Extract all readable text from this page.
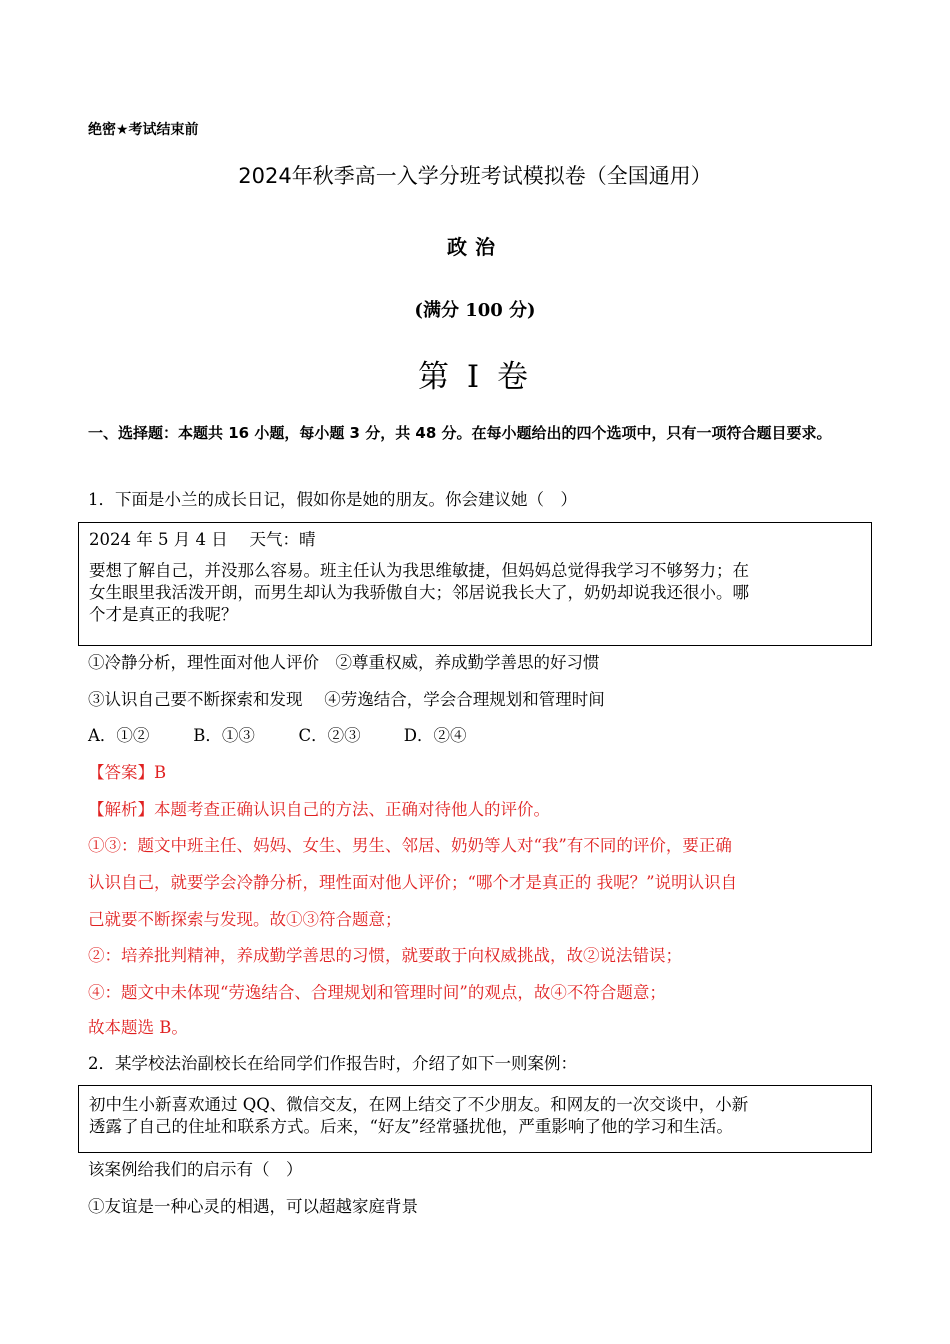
绝密★考试结束前
2024年秋季高一入学分班考试模拟卷（全国通用）
政治
(满分 100 分)
第 I 卷
一、选择题：本题共 16 小题，每小题 3 分，共 48 分。在每小题给出的四个选项中，只有一项符合题目要求。
1．下面是小兰的成长日记，假如你是她的朋友。你会建议她（　）
2024 年 5 月 4 日　 天气：晴
要想了解自己，并没那么容易。班主任认为我思维敏捷，但妈妈总觉得我学习不够努力；在
女生眼里我活泼开朗，而男生却认为我骄傲自大；邻居说我长大了，奶奶却说我还很小。哪
个才是真正的我呢？
①冷静分析，理性面对他人评价　②尊重权威，养成勤学善思的好习惯
③认识自己要不断探索和发现　 ④劳逸结合，学会合理规划和管理时间
A．①②	B．①③	C．②③	D．②④
【答案】B
【解析】本题考查正确认识自己的方法、正确对待他人的评价。
①③：题文中班主任、妈妈、女生、男生、邻居、奶奶等人对“我”有不同的评价，要正确
认识自己，就要学会冷静分析，理性面对他人评价；“哪个才是真正的 我呢？”说明认识自
己就要不断探索与发现。故①③符合题意；
②：培养批判精神，养成勤学善思的习惯，就要敢于向权威挑战，故②说法错误；
④：题文中未体现“劳逸结合、合理规划和管理时间”的观点，故④不符合题意；
故本题选 B。
2．某学校法治副校长在给同学们作报告时，介绍了如下一则案例：
初中生小新喜欢通过 QQ、微信交友，在网上结交了不少朋友。和网友的一次交谈中，小新
透露了自己的住址和联系方式。后来，“好友”经常骚扰他，严重影响了他的学习和生活。
该案例给我们的启示有（　）
①友谊是一种心灵的相遇，可以超越家庭背景
